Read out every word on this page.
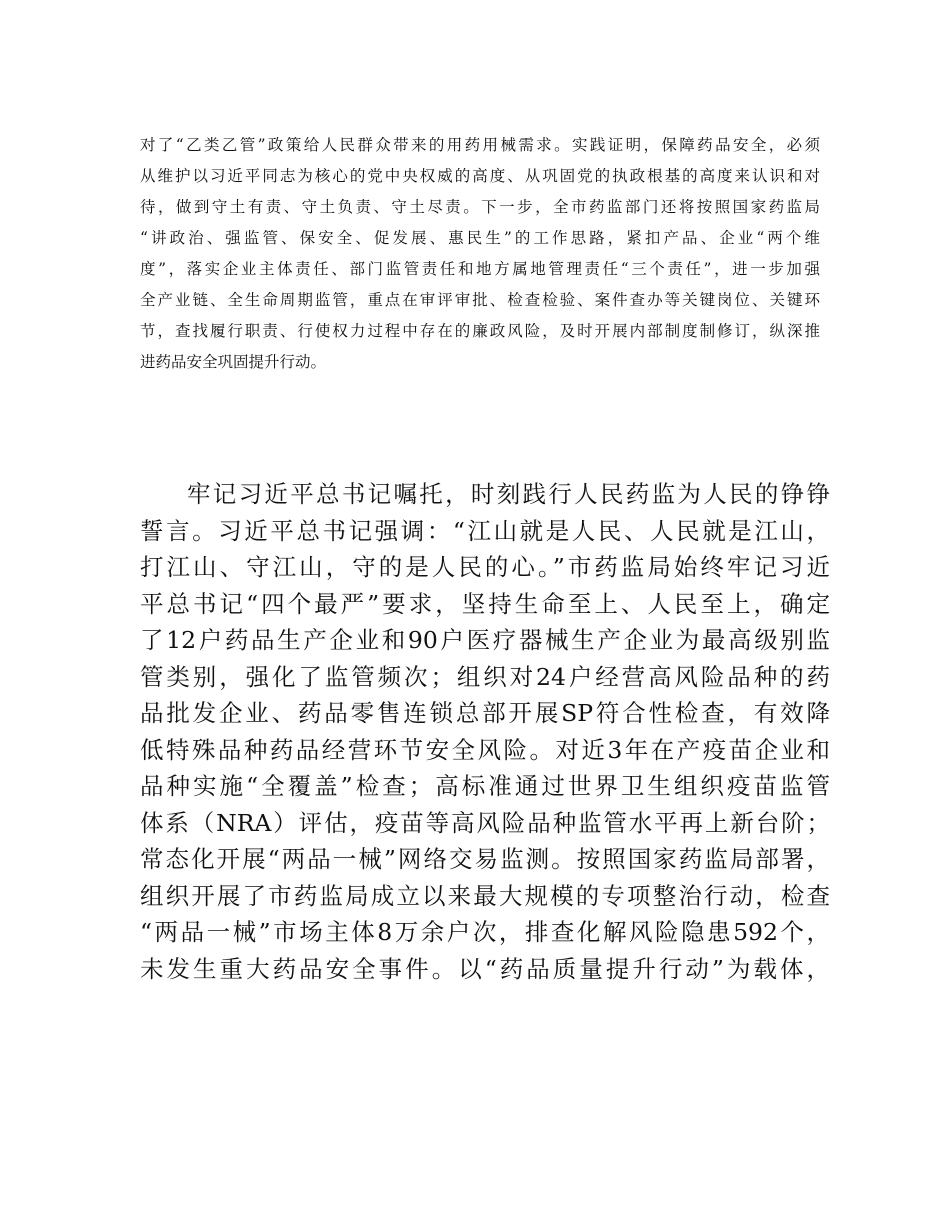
对了“乙类乙管”政策给人民群众带来的用药用械需求。实践证明，保障药品安全，必须
从维护以习近平同志为核心的党中央权威的高度、从巩固党的执政根基的高度来认识和对
待，做到守土有责、守土负责、守土尽责。下一步，全市药监部门还将按照国家药监局
“讲政治、强监管、保安全、促发展、惠民生”的工作思路，紧扣产品、企业“两个维
度”，落实企业主体责任、部门监管责任和地方属地管理责任“三个责任”，进一步加强
全产业链、全生命周期监管，重点在审评审批、检查检验、案件查办等关键岗位、关键环
节，查找履行职责、行使权力过程中存在的廉政风险，及时开展内部制度制修订，纵深推
进药品安全巩固提升行动。
牢记习近平总书记嘱托，时刻践行人民药监为人民的铮铮
誓言。习近平总书记强调：“江山就是人民、人民就是江山，
打江山、守江山，守的是人民的心。”市药监局始终牢记习近
平总书记“四个最严”要求，坚持生命至上、人民至上，确定
了12户药品生产企业和90户医疗器械生产企业为最高级别监
管类别，强化了监管频次；组织对24户经营高风险品种的药
品批发企业、药品零售连锁总部开展SP符合性检查，有效降
低特殊品种药品经营环节安全风险。对近3年在产疫苗企业和
品种实施“全覆盖”检查；高标准通过世界卫生组织疫苗监管
体系（NRA）评估，疫苗等高风险品种监管水平再上新台阶；
常态化开展“两品一械”网络交易监测。按照国家药监局部署，
组织开展了市药监局成立以来最大规模的专项整治行动，检查
“两品一械”市场主体8万余户次，排查化解风险隐患592个，
未发生重大药品安全事件。以“药品质量提升行动”为载体，
